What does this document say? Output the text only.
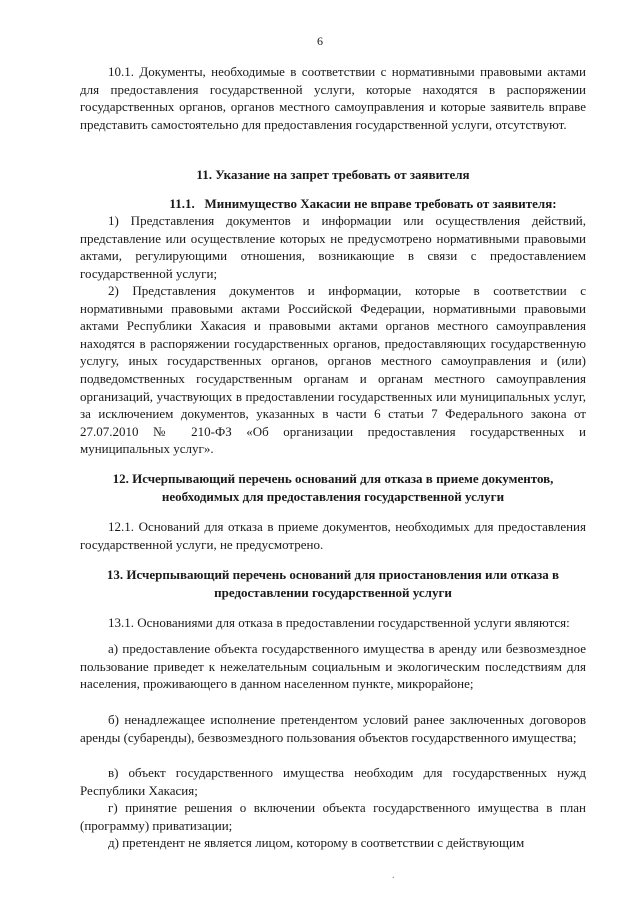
6
10.1. Документы, необходимые в соответствии с нормативными правовыми актами для предоставления государственной услуги, которые находятся в распоряжении государственных органов, органов местного самоуправления и которые заявитель вправе представить самостоятельно для предоставления государственной услуги, отсутствуют.
11. Указание на запрет требовать от заявителя
11.1.   Минимущество Хакасии не вправе требовать от заявителя:
1) Представления документов и информации или осуществления действий, представление или осуществление которых не предусмотрено нормативными правовыми актами, регулирующими отношения, возникающие в связи с предоставлением государственной услуги;
2) Представления документов и информации, которые в соответствии с нормативными правовыми актами Российской Федерации, нормативными правовыми актами Республики Хакасия и правовыми актами органов местного самоуправления находятся в распоряжении государственных органов, предоставляющих государственную услугу, иных государственных органов, органов местного самоуправления и (или) подведомственных государственным органам и органам местного самоуправления организаций, участвующих в предоставлении государственных или муниципальных услуг, за исключением документов, указанных в части 6 статьи 7 Федерального закона от 27.07.2010 № 210-ФЗ «Об организации предоставления государственных и муниципальных услуг».
12. Исчерпывающий перечень оснований для отказа в приеме документов, необходимых для предоставления государственной услуги
12.1. Оснований для отказа в приеме документов, необходимых для предоставления государственной услуги, не предусмотрено.
13. Исчерпывающий перечень оснований для приостановления или отказа в предоставлении государственной услуги
13.1. Основаниями для отказа в предоставлении государственной услуги являются:
а) предоставление объекта государственного имущества в аренду или безвозмездное пользование приведет к нежелательным социальным и экологическим последствиям для населения, проживающего в данном населенном пункте, микрорайоне;
б) ненадлежащее исполнение претендентом условий ранее заключенных договоров аренды (субаренды), безвозмездного пользования объектов государственного имущества;
в) объект государственного имущества необходим для государственных нужд Республики Хакасия;
г) принятие решения о включении объекта государственного имущества в план (программу) приватизации;
д) претендент не является лицом, которому в соответствии с действующим
.
